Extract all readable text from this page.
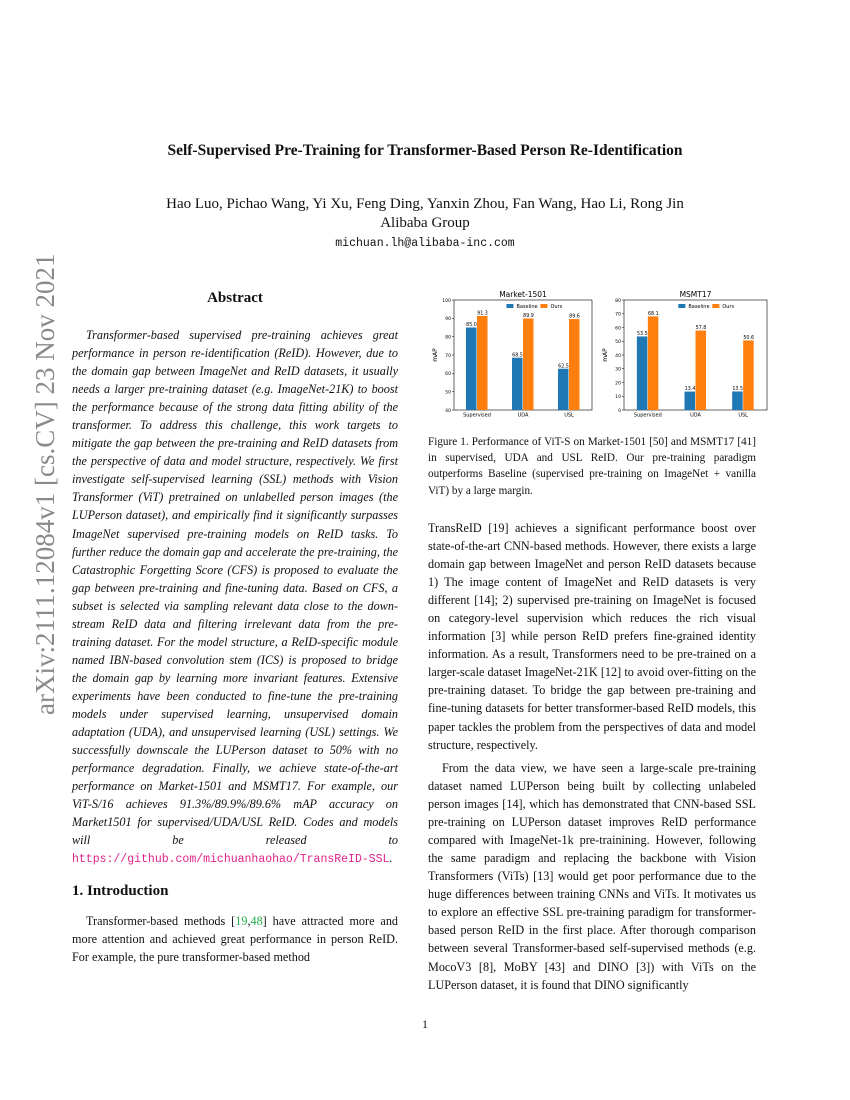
Self-Supervised Pre-Training for Transformer-Based Person Re-Identification
Hao Luo, Pichao Wang, Yi Xu, Feng Ding, Yanxin Zhou, Fan Wang, Hao Li, Rong Jin
Alibaba Group
michuan.lh@alibaba-inc.com
arXiv:2111.12084v1 [cs.CV] 23 Nov 2021	Abstract
Transformer-based supervised pre-training achieves great performance in person re-identification (ReID). However, due to the domain gap between ImageNet and ReID datasets, it usually needs a larger pre-training dataset (e.g. ImageNet-21K) to boost the performance because of the strong data fitting ability of the transformer. To address this challenge, this work targets to mitigate the gap between the pre-training and ReID datasets from the perspective of data and model structure, respectively. We first investigate self-supervised learning (SSL) methods with Vision Transformer (ViT) pretrained on unlabelled person images (the LUPerson dataset), and empirically find it significantly surpasses ImageNet supervised pre-training models on ReID tasks. To further reduce the domain gap and accelerate the pre-training, the Catastrophic Forgetting Score (CFS) is proposed to evaluate the gap between pre-training and fine-tuning data. Based on CFS, a subset is selected via sampling relevant data close to the down-stream ReID data and filtering irrelevant data from the pre-training dataset. For the model structure, a ReID-specific module named IBN-based convolution stem (ICS) is proposed to bridge the domain gap by learning more invariant features. Extensive experiments have been conducted to fine-tune the pre-training models under supervised learning, unsupervised domain adaptation (UDA), and unsupervised learning (USL) settings. We successfully downscale the LUPerson dataset to 50% with no performance degradation. Finally, we achieve state-of-the-art performance on Market-1501 and MSMT17. For example, our ViT-S/16 achieves 91.3%/89.9%/89.6% mAP accuracy on Market1501 for supervised/UDA/USL ReID. Codes and models will be released to https://github.com/michuanhaohao/TransReID-SSL.
1. Introduction
Transformer-based methods [19,48] have attracted more and more attention and achieved great performance in person ReID. For example, the pure transformer-based method
Market-1501
40
50
60
70
80
90
100
mAP
Supervised
85.0
91.3
UDA
68.5
89.9
USL
62.5
89.6
Baseline	Ours
MSMT17
0
10
20
30
40
50
60
70
80
mAP
Supervised
53.5
68.1
UDA
13.4
57.8
USL
13.5
50.6
Baseline	Ours
Figure 1. Performance of ViT-S on Market-1501 [50] and MSMT17 [41] in supervised, UDA and USL ReID. Our pre-training paradigm outperforms Baseline (supervised pre-training on ImageNet + vanilla ViT) by a large margin.
TransReID [19] achieves a significant performance boost over state-of-the-art CNN-based methods. However, there exists a large domain gap between ImageNet and person ReID datasets because 1) The image content of ImageNet and ReID datasets is very different [14]; 2) supervised pre-training on ImageNet is focused on category-level supervision which reduces the rich visual information [3] while person ReID prefers fine-grained identity information. As a result, Transformers need to be pre-trained on a larger-scale dataset ImageNet-21K [12] to avoid over-fitting on the pre-training dataset. To bridge the gap between pre-training and fine-tuning datasets for better transformer-based ReID models, this paper tackles the problem from the perspectives of data and model structure, respectively.
From the data view, we have seen a large-scale pre-training dataset named LUPerson being built by collecting unlabeled person images [14], which has demonstrated that CNN-based SSL pre-training on LUPerson dataset improves ReID performance compared with ImageNet-1k pre-trainining. However, following the same paradigm and replacing the backbone with Vision Transformers (ViTs) [13] would get poor performance due to the huge differences between training CNNs and ViTs. It motivates us to explore an effective SSL pre-training paradigm for transformer-based person ReID in the first place. After thorough comparison between several Transformer-based self-supervised methods (e.g. MocoV3 [8], MoBY [43] and DINO [3]) with ViTs on the LUPerson dataset, it is found that DINO significantly
1
